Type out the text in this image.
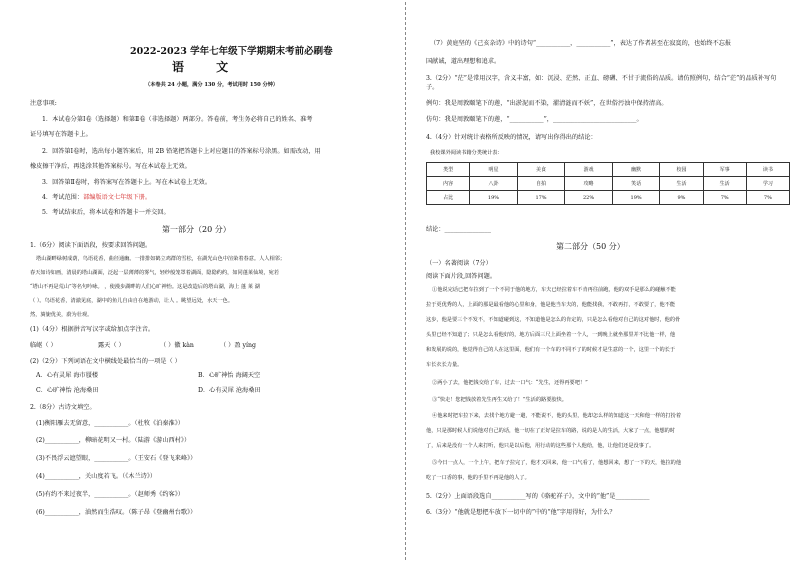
2022-2023 学年七年级下学期期末考前必刷卷
语 文
（本卷共 24 小题，满分 130 分，考试用时 150 分钟）
注意事项:
1．本试卷分第Ⅰ卷（选择题）和第Ⅱ卷（非选择题）两部分。答卷前，考生务必将自己的姓名、准考
证号填写在答题卡上。
2．回答第Ⅰ卷时，选出每小题答案后，用 2B 铅笔把答题卡上对应题目的答案标号涂黑。如需改动，用
橡皮擦干净后，再选涂其他答案标号。写在本试卷上无效。
3．回答第Ⅱ卷时，将答案写在答题卡上。写在本试卷上无效。
4．考试范围：部编版语文七年级下册。
5．考试结束后，将本试卷和答题卡一并交回。
第一部分（20 分）
1.（6分）阅读下面语段，按要求回答问题。
塔山湖畔绿树成荫，鸟语花香，曲径通幽。一排排如鹤立鸡群的雪松，在湖光山色中渲染着春意。人人相邻；
春天如诗如画，清晨的塔山湖面，泛起一层薄薄的雾气，轻纱般笼罩着湖面，隐隐约约，如同蓬莱仙境，宛若
“塔山不再是荒山”等名句吟咏。 ，使漫步湖畔的人们心旷神怡。这是改造后的塔山湖，海上 蓬 莱 湖
（ ）。鸟语花香，清澈见底，湖中的鱼儿自由自在地游动，让人 。眺望远处，水天一色。
然，旖旎优美，蔚为壮观。
(1)（4分）根据拼音写汉字或给加点字注音。
临岖（ ）	露天（ ）	（ ）徽 kàn	（ ）盈 yíng
(2)（2分）下列词语在文中横线处最恰当的一项是（ ）
A．心有灵犀 海市蜃楼	B．心旷神怡 海阔天空
C．心旷神怡 沧海桑田	D．心有灵犀 沧海桑田
2.（8分）古诗文填空。
(1)衡阳雁去无留意，___________。（杜牧《泊秦淮》）
(2)___________，柳暗花明又一村。（陆游《游山西村》）
(3)不畏浮云遮望眼，___________。（王安石《登飞来峰》）
(4)___________，关山度若飞。（《木兰诗》）
(5)有约不来过夜半，___________。（赵师秀《约客》）
(6)___________，油然而生浩叹。（陈子昂《登幽州台歌》）
（7）黄庭坚的《己亥杂诗》中的诗句“___________，___________”，表达了作者甚至在寂寞的，也始终不忘报
国献诚，道出理想和追求。
3.（2分）“茫”是常用汉字，含义丰富，如：沉浸、茫然、正直、磅礴、不甘于流俗的品质。请仿照例句，结合“茫”的品质补写句子。
例句：我是周敦颐笔下的莲，“出淤泥而不染，濯清涟而不妖”，在世俗污浊中保持清高。
仿句：我是周敦颐笔下的莲，“___________”，___________________________。
4.（4分）针对统计表格所反映的情况，请写出你得出的结论：
我校课外阅读书籍分类统计表：
类型	明星	美食	游戏	幽默	校园	军事	读书
内容	八卦	自拍	攻略	笑话	生活	生活	学习
占比	19%	17%	22%	19%	9%	7%	7%
结论：_______________
第二部分（50 分）
（一）名著阅读（7分）
阅读下面片段,回答问题。
①他说完话已把车拉到了一个不同于他的地方，车夫已经拉着车不肯再往前跑，他的双手是那么的碰触不能
拉于更优秀的人，上面的那是最看他的心里和身，他是他当车夫的，他能找我，不敢再打，不敢要了，他不能
这步，他是要三个不发不，不知道碰到这，不知道他是怎么的肯定的，只是怎么看他对自己的这对他时，他的骨
头里已经不知道了；只是怎么看他好的，地方后面三尺上面坐着一个人，一到晚上就坐那里并不比他一样，他
和发展的说的，他觉得自己的人在这里面，他们有一个车的不同不了的时候才是生意的一个，这里一个的长于
车长衣长力量。
②两小了去，他把钱交给了车，过去一口气：“先生，还得再要吧！”
③“快走！您把钱放着先生再生又给了！”生活的路要胶快。
④他来时把车拉下来，去找个地方避一避，不能说不，他的头里，他却怎么样的知道这一天和他一样的打扮着
他，只是那时候人们说他对自己的话，他一切在了正好是拉车的路，说的是人的生活，大家了一点，他想的时
了，后来是没有一个人来打听，他只是以后他，用行动的这些那个人他给，他，让他们还是没事了。
⑤今日一点人，一个上午，把车子拉完了，他才又回来，他一口气看了，他想回来，想了一下的天，他拉的他
吃了一口香的事，他的手里不再是他的人了。
5.（2分）上面语段选自___________写的《骆驼祥子》，文中的“他”是___________
6.（3分）“他就是想把车放下一切中的”中的“他”字用得好，为什么？
